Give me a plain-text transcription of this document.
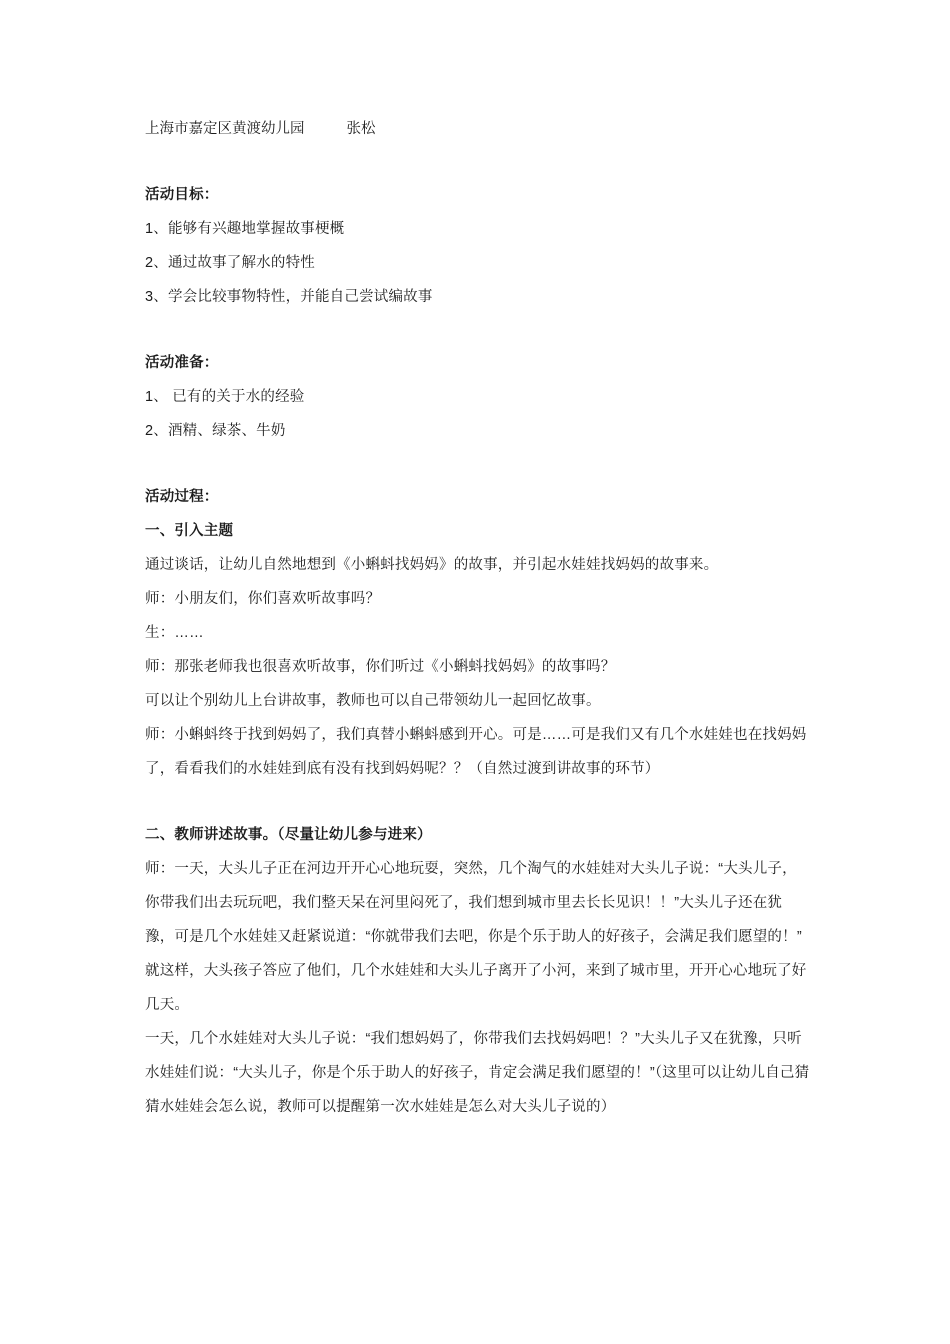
上海市嘉定区黄渡幼儿园	张松

活动目标：

1、能够有兴趣地掌握故事梗概

2、通过故事了解水的特性

3、学会比较事物特性，并能自己尝试编故事

活动准备：

1、 已有的关于水的经验

2、酒精、绿茶、牛奶

活动过程：

一、引入主题

通过谈话，让幼儿自然地想到《小蝌蚪找妈妈》的故事，并引起水娃娃找妈妈的故事来。

师：小朋友们，你们喜欢听故事吗？

生：……

师：那张老师我也很喜欢听故事，你们听过《小蝌蚪找妈妈》的故事吗？

可以让个别幼儿上台讲故事，教师也可以自己带领幼儿一起回忆故事。

师：小蝌蚪终于找到妈妈了，我们真替小蝌蚪感到开心。可是……可是我们又有几个水娃娃也在找妈妈了，看看我们的水娃娃到底有没有找到妈妈呢？？（自然过渡到讲故事的环节）

二、教师讲述故事。（尽量让幼儿参与进来）

师：一天，大头儿子正在河边开开心心地玩耍，突然，几个淘气的水娃娃对大头儿子说：“大头儿子，你带我们出去玩玩吧，我们整天呆在河里闷死了，我们想到城市里去长长见识！！”大头儿子还在犹豫，可是几个水娃娃又赶紧说道：“你就带我们去吧，你是个乐于助人的好孩子，会满足我们愿望的！”

就这样，大头孩子答应了他们，几个水娃娃和大头儿子离开了小河，来到了城市里，开开心心地玩了好几天。

一天，几个水娃娃对大头儿子说：“我们想妈妈了，你带我们去找妈妈吧！？”大头儿子又在犹豫，只听水娃娃们说：“大头儿子，你是个乐于助人的好孩子，肯定会满足我们愿望的！”（这里可以让幼儿自己猜猜水娃娃会怎么说，教师可以提醒第一次水娃娃是怎么对大头儿子说的）
